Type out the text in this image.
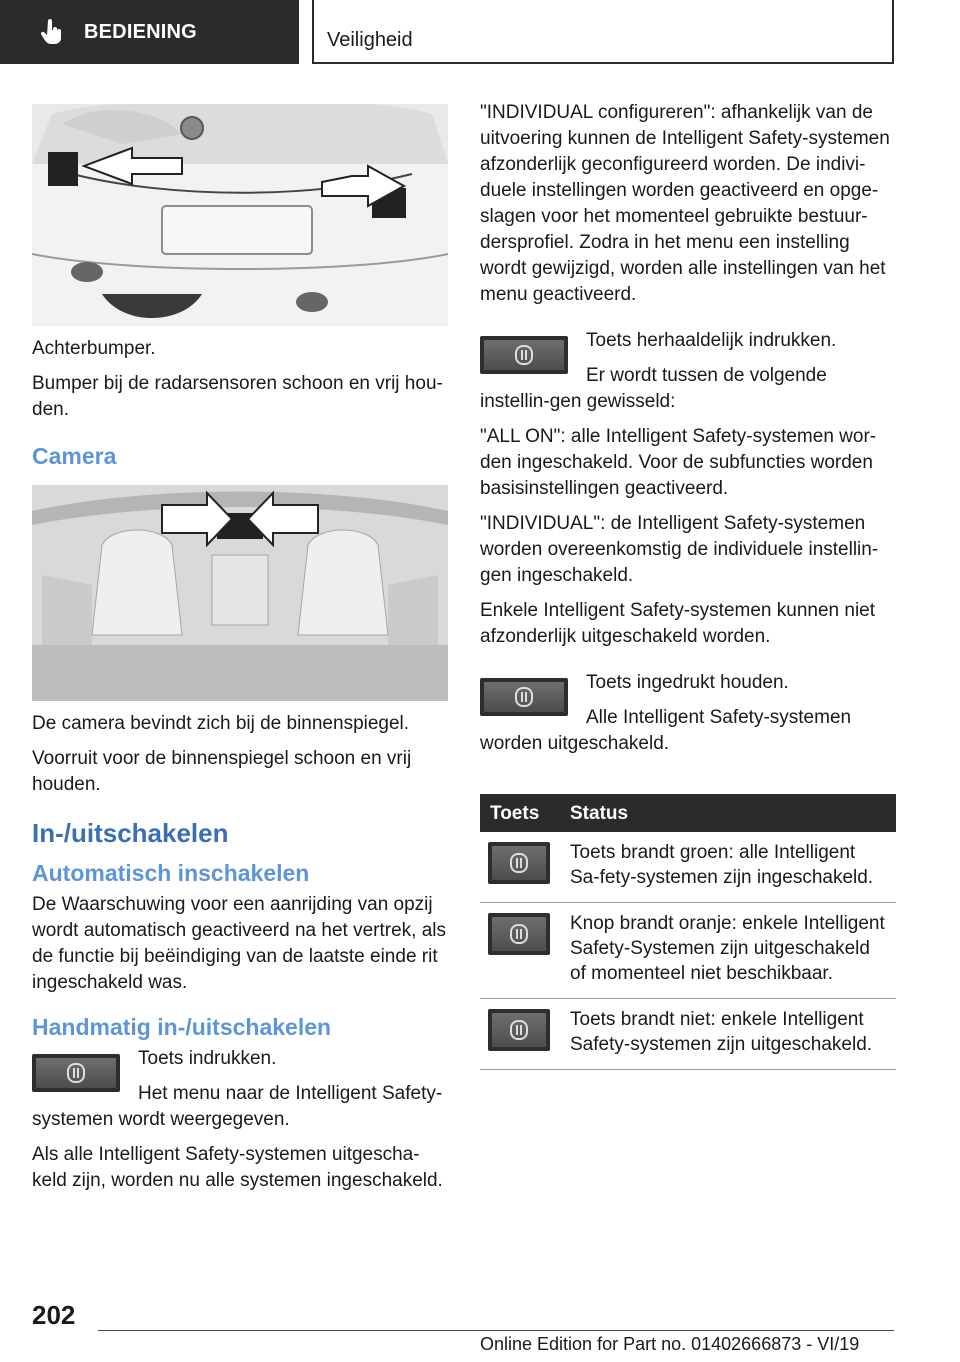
BEDIENING	Veiligheid

Achterbumper.

Bumper bij de radarsensoren schoon en vrij hou-den.

Camera

De camera bevindt zich bij de binnenspiegel.

Voorruit voor de binnenspiegel schoon en vrij houden.

In-/uitschakelen
Automatisch inschakelen

De Waarschuwing voor een aanrijding van opzij wordt automatisch geactiveerd na het vertrek, als de functie bij beëindiging van de laatste einde rit ingeschakeld was.

Handmatig in-/uitschakelen

Toets indrukken.

Het menu naar de Intelligent Safety-systemen wordt weergegeven.

Als alle Intelligent Safety-systemen uitgescha-keld zijn, worden nu alle systemen ingeschakeld.

"INDIVIDUAL configureren": afhankelijk van de uitvoering kunnen de Intelligent Safety-systemen afzonderlijk geconfigureerd worden. De indivi-duele instellingen worden geactiveerd en opge-slagen voor het momenteel gebruikte bestuur-dersprofiel. Zodra in het menu een instelling wordt gewijzigd, worden alle instellingen van het menu geactiveerd.

Toets herhaaldelijk indrukken.

Er wordt tussen de volgende instellin-gen gewisseld:

"ALL ON": alle Intelligent Safety-systemen wor-den ingeschakeld. Voor de subfuncties worden basisinstellingen geactiveerd.

"INDIVIDUAL": de Intelligent Safety-systemen worden overeenkomstig de individuele instellin-gen ingeschakeld.

Enkele Intelligent Safety-systemen kunnen niet afzonderlijk uitgeschakeld worden.

Toets ingedrukt houden.

Alle Intelligent Safety-systemen worden uitgeschakeld.

Toets	Status

	Toets brandt groen: alle Intelligent Sa-fety-systemen zijn ingeschakeld.

	Knop brandt oranje: enkele Intelligent Safety-Systemen zijn uitgeschakeld of momenteel niet beschikbaar.

	Toets brandt niet: enkele Intelligent Safety-systemen zijn uitgeschakeld.
202
Online Edition for Part no. 01402666873 - VI/19
